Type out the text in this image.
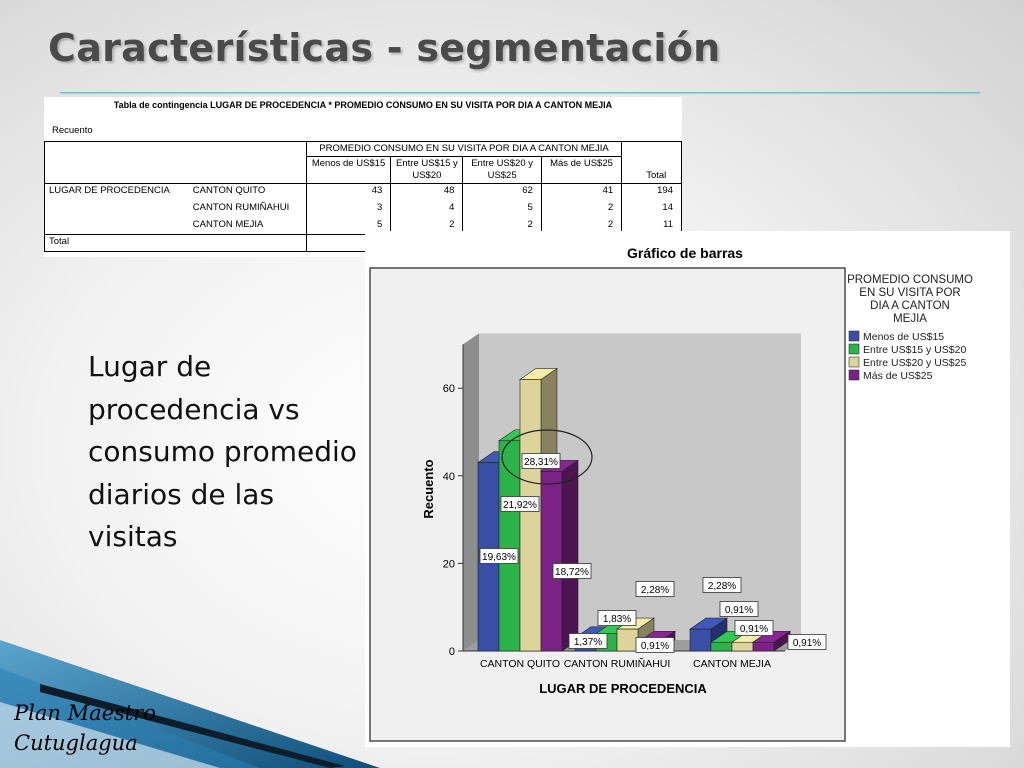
Características - segmentación
Tabla de contingencia LUGAR DE PROCEDENCIA * PROMEDIO CONSUMO EN SU VISITA POR DIA A CANTON MEJIA
Recuento
		PROMEDIO CONSUMO EN SU VISITA POR DIA A CANTON MEJIA				Total
		Menos de US$15	Entre US$15 y US$20	Entre US$20 y US$25	Más de US$25	
LUGAR DE PROCEDENCIA	CANTON QUITO	43	48	62	41	194
	CANTON RUMIÑAHUI	3	4	5	2	14
	CANTON MEJIA	5	2	2	2	11
Total					
Lugar de procedencia vs consumo promedio diarios de las visitas
Gráfico de barras
0
20
40
60
CANTON QUITO CANTON RUMIÑAHUI CANTON MEJIA
19,63%
21,92%
28,31%
18,72%
1,37%
1,83%
2,28%
0,91%
2,28%
0,91%
0,91%
0,91%
Recuento
LUGAR DE PROCEDENCIA
PROMEDIO CONSUMO EN SU VISITA POR DIA A CANTON MEJIA
Menos de US$15
Entre US$15 y US$20
Entre US$20 y US$25
Más de US$25
Plan Maestro
Cutuglagua
